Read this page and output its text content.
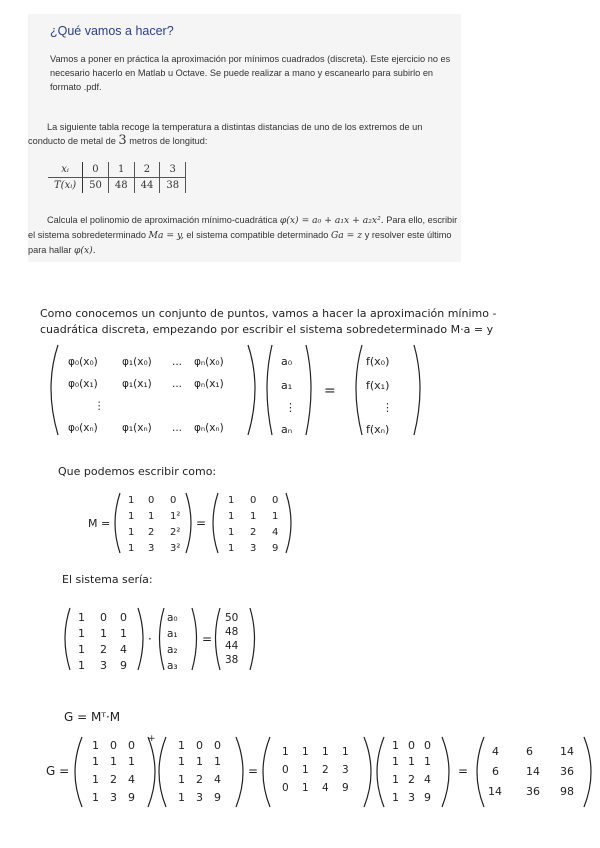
¿Qué vamos a hacer?
Vamos a poner en práctica la aproximación por mínimos cuadrados (discreta). Este ejercicio no es necesario hacerlo en Matlab u Octave. Se puede realizar a mano y escanearlo para subirlo en formato .pdf.
La siguiente tabla recoge la temperatura a distintas distancias de uno de los extremos de un conducto de metal de 3 metros de longitud:
xᵢ	0	1	2	3
T(xᵢ)	50	48	44	38
Calcula el polinomio de aproximación mínimo-cuadrática φ(x) = a₀ + a₁x + a₂x². Para ello, escribir el sistema sobredeterminado Ma = y, el sistema compatible determinado Ga = z y resolver este último para hallar φ(x).
Como conocemos un conjunto de puntos, vamos a hacer la aproximación mínimo -
cuadrática discreta, empezando por escribir el sistema sobredeterminado M·a = y
φ₀(x₀) φ₁(x₀) ... φₙ(x₀)
φ₀(x₁) φ₁(x₁) ... φₙ(x₁)
⋮
φ₀(xₙ) φ₁(xₙ) ... φₙ(xₙ)
a₀
a₁
⋮
aₙ
=
f(x₀)
f(x₁)
⋮
f(xₙ)
Que podemos escribir como:
M =
1 0 0
1 1 1²
1 2 2²
1 3 3²
=
1 0 0
1 1 1
1 2 4
1 3 9
El sistema sería:
1 0 0
1 1 1
1 2 4
1 3 9
·
a₀
a₁
a₂
a₃
=
50
48
44
38
G = Mᵀ·M
G =
1 0 0
1 1 1
1 2 4
1 3 9
+ 1 0 0
1 1 1
1 2 4
1 3 9
=
1 1 1 1
0 1 2 3
0 1 4 9
1 0 0
1 1 1
1 2 4
1 3 9
=
4 6 14
6 14 36
14 36 98
